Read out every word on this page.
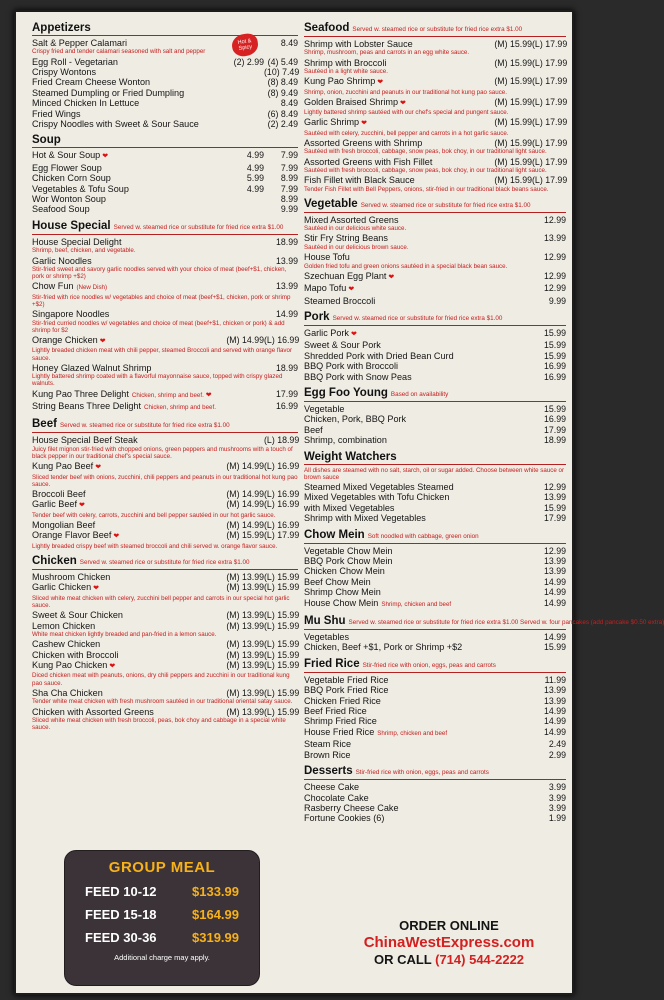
Appetizers
Salt & Pepper Calamari	8.49
Crispy fried and tender calamari seasoned with salt and pepper
Egg Roll - Vegetarian	(2) 2.99 (4) 5.49
Crispy Wontons	(10) 7.49
Fried Cream Cheese Wonton	(8) 8.49
Steamed Dumpling or Fried Dumpling	(8) 9.49
Minced Chicken In Lettuce	8.49
Fried Wings	(6) 8.49
Crispy Noodles with Sweet & Sour Sauce	(2) 2.49
Soup
Hot & Sour Soup ❤	4.99	7.99
Egg Flower Soup	4.99	7.99
Chicken Corn Soup	5.99	8.99
Vegetables & Tofu Soup	4.99	7.99
Wor Wonton Soup	8.99
Seafood Soup	9.99
House Special Served w. steamed rice or substitute for fried rice extra $1.00
House Special Delight	18.99
Shrimp, beef, chicken, and vegetable.
Garlic Noodles	13.99
Stir-fried sweet and savory garlic noodles served with your choice of meat (beef+$1, chicken, pork or shrimp +$2)
Chow Fun (New Dish)	13.99
Stir-fried with rice noodles w/ vegetables and choice of meat (beef+$1, chicken, pork or shrimp +$2)
Singapore Noodles	14.99
Stir-fried curried noodles w/ vegetables and choice of meat (beef+$1, chicken or pork) & add shrimp for $2
Orange Chicken ❤	(M) 14.99 (L) 16.99
Lightly breaded chicken meat with chili pepper, steamed Broccoli and served with orange flavor sauce.
Honey Glazed Walnut Shrimp	18.99
Lightly battered shrimp coated with a flavorful mayonnaise sauce, topped with crispy glazed walnuts.
Kung Pao Three Delight Chicken, shrimp and beef. ❤	17.99
String Beans Three Delight Chicken, shrimp and beef.	16.99
Beef Served w. steamed rice or substitute for fried rice extra $1.00
House Special Beef Steak	(L) 18.99
Juicy filet mignon stir-fried with chopped onions, green peppers and mushrooms with a touch of black pepper in our traditional chef's special sauce.
Kung Pao Beef ❤	(M) 14.99 (L) 16.99
Sliced tender beef with onions, zucchini, chili peppers and peanuts in our traditional hot kung pao sauce.
Broccoli Beef	(M) 14.99 (L) 16.99
Garlic Beef ❤	(M) 14.99 (L) 16.99
Tender beef with celery, carrots, zucchini and bell pepper sautéed in our hot garlic sauce.
Mongolian Beef	(M) 14.99 (L) 16.99
Orange Flavor Beef ❤	(M) 15.99 (L) 17.99
Lightly breaded crispy beef with steamed broccoli and chili served w. orange flavor sauce.
Chicken Served w. steamed rice or substitute for fried rice extra $1.00
Mushroom Chicken	(M) 13.99 (L) 15.99
Garlic Chicken ❤	(M) 13.99 (L) 15.99
Sliced white meat chicken with celery, zucchini bell pepper and carrots in our special hot garlic sauce.
Sweet & Sour Chicken	(M) 13.99 (L) 15.99
Lemon Chicken	(M) 13.99 (L) 15.99
White meat chicken lightly breaded and pan-fried in a lemon sauce.
Cashew Chicken	(M) 13.99 (L) 15.99
Chicken with Broccoli	(M) 13.99 (L) 15.99
Kung Pao Chicken ❤	(M) 13.99 (L) 15.99
Diced chicken meat with peanuts, onions, dry chili peppers and zucchini in our traditional kung pao sauce.
Sha Cha Chicken	(M) 13.99 (L) 15.99
Tender white meat chicken with fresh mushroom sautéed in our traditional oriental satay sauce.
Chicken with Assorted Greens	(M) 13.99 (L) 15.99
Sliced white meat chicken with fresh broccoli, peas, bok choy and cabbage in a special white sauce.
Seafood Served w. steamed rice or substitute for fried rice extra $1.00
Shrimp with Lobster Sauce	(M) 15.99 (L) 17.99
Shrimp, mushroom, peas and carrots in an egg white sauce.
Shrimp with Broccoli	(M) 15.99 (L) 17.99
Sautéed in a light white sauce.
Kung Pao Shrimp ❤	(M) 15.99 (L) 17.99
Shrimp, onion, zucchini and peanuts in our traditional hot kung pao sauce.
Golden Braised Shrimp ❤	(M) 15.99 (L) 17.99
Lightly battered shrimp sautéed with our chef's special and pungent sauce.
Garlic Shrimp ❤	(M) 15.99 (L) 17.99
Sautéed with celery, zucchini, bell pepper and carrots in a hot garlic sauce.
Assorted Greens with Shrimp	(M) 15.99 (L) 17.99
Sautéed with fresh broccoli, cabbage, snow peas, bok choy, in our traditional light sauce.
Assorted Greens with Fish Fillet	(M) 15.99 (L) 17.99
Sautéed with fresh broccoli, cabbage, snow peas, bok choy, in our traditional light sauce.
Fish Fillet with Black Sauce	(M) 15.99 (L) 17.99
Tender Fish Fillet with Bell Peppers, onions, stir-fried in our traditional black beans sauce.
Vegetable Served w. steamed rice or substitute for fried rice extra $1.00
Mixed Assorted Greens	12.99
Sautéed in our delicious white sauce.
Stir Fry String Beans	13.99
Sautéed in our delicious brown sauce.
House Tofu	12.99
Golden fried tofu and green onions sautéed in a special black bean sauce.
Szechuan Egg Plant ❤	12.99
Mapo Tofu ❤	12.99
Steamed Broccoli	9.99
Pork Served w. steamed rice or substitute for fried rice extra $1.00
Garlic Pork ❤	15.99
Sweet & Sour Pork	15.99
Shredded Pork with Dried Bean Curd	15.99
BBQ Pork with Broccoli	16.99
BBQ Pork with Snow Peas	16.99
Egg Foo Young Based on availability
Vegetable	15.99
Chicken, Pork, BBQ Pork	16.99
Beef	17.99
Shrimp, combination	18.99
Weight Watchers
All dishes are steamed with no salt, starch, oil or sugar added. Choose between white sauce or brown sauce
Steamed Mixed Vegetables Steamed	12.99
Mixed Vegetables with Tofu Chicken	13.99
with Mixed Vegetables	15.99
Shrimp with Mixed Vegetables	17.99
Chow Mein Soft noodled with cabbage, green onion
Vegetable Chow Mein	12.99
BBQ Pork Chow Mein	13.99
Chicken Chow Mein	13.99
Beef Chow Mein	14.99
Shrimp Chow Mein	14.99
House Chow Mein Shrimp, chicken and beef	14.99
Mu Shu Served w. steamed rice or substitute for fried rice extra $1.00 Served w. four pancakes (add pancake $0.50 extra)
Vegetables	14.99
Chicken, Beef +$1, Pork or Shrimp +$2	15.99
Fried Rice Stir-fried rice with onion, eggs, peas and carrots
Vegetable Fried Rice	11.99
BBQ Pork Fried Rice	13.99
Chicken Fried Rice	13.99
Beef Fried Rice	14.99
Shrimp Fried Rice	14.99
House Fried Rice Shrimp, chicken and beef	14.99
Steam Rice	2.49
Brown Rice	2.99
Desserts Stir-fried rice with onion, eggs, peas and carrots
Cheese Cake	3.99
Chocolate Cake	3.99
Rasberry Cheese Cake	3.99
Fortune Cookies (6)	1.99
Hot & Spicy
GROUP MEAL
FEED 10-12	$133.99
FEED 15-18	$164.99
FEED 30-36	$319.99
Additional charge may apply.
ORDER ONLINE
ChinaWestExpress.com
OR CALL (714) 544-2222
